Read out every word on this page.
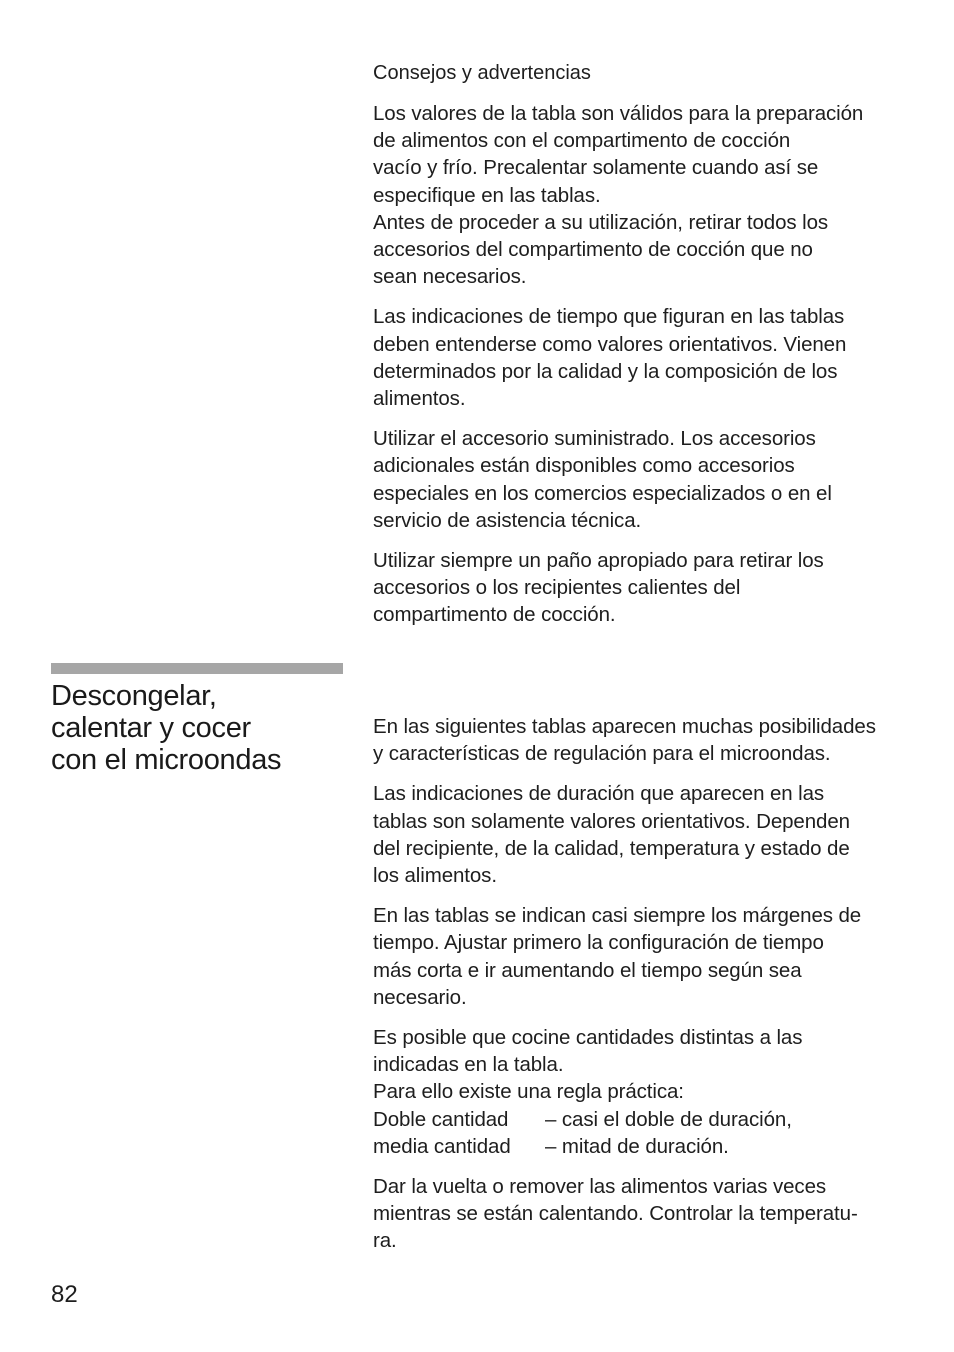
Consejos y advertencias

Los valores de la tabla son válidos para la preparación
de alimentos con el compartimento de cocción
vacío y frío. Precalentar solamente cuando así se
especifique en las tablas.
Antes de proceder a su utilización, retirar todos los
accesorios del compartimento de cocción que no
sean necesarios.

Las indicaciones de tiempo que figuran en las tablas
deben entenderse como valores orientativos. Vienen
determinados por la calidad y la composición de los
alimentos.

Utilizar el accesorio suministrado. Los accesorios
adicionales están disponibles como accesorios
especiales en los comercios especializados o en el
servicio de asistencia técnica.

Utilizar siempre un paño apropiado para retirar los
accesorios o los recipientes calientes del
compartimento de cocción.

Descongelar,
calentar y cocer
con el microondas

En las siguientes tablas aparecen muchas posibilidades
y características de regulación para el microondas.

Las indicaciones de duración que aparecen en las
tablas son solamente valores orientativos. Dependen
del recipiente, de la calidad, temperatura y estado de
los alimentos.

En las tablas se indican casi siempre los márgenes de
tiempo. Ajustar primero la configuración de tiempo
más corta e ir aumentando el tiempo según sea
necesario.

Es posible que cocine cantidades distintas a las
indicadas en la tabla.
Para ello existe una regla práctica:

Doble cantidad	– casi el doble de duración,
media cantidad	– mitad de duración.

Dar la vuelta o remover las alimentos varias veces
mientras se están calentando. Controlar la temperatu-
ra.

82
